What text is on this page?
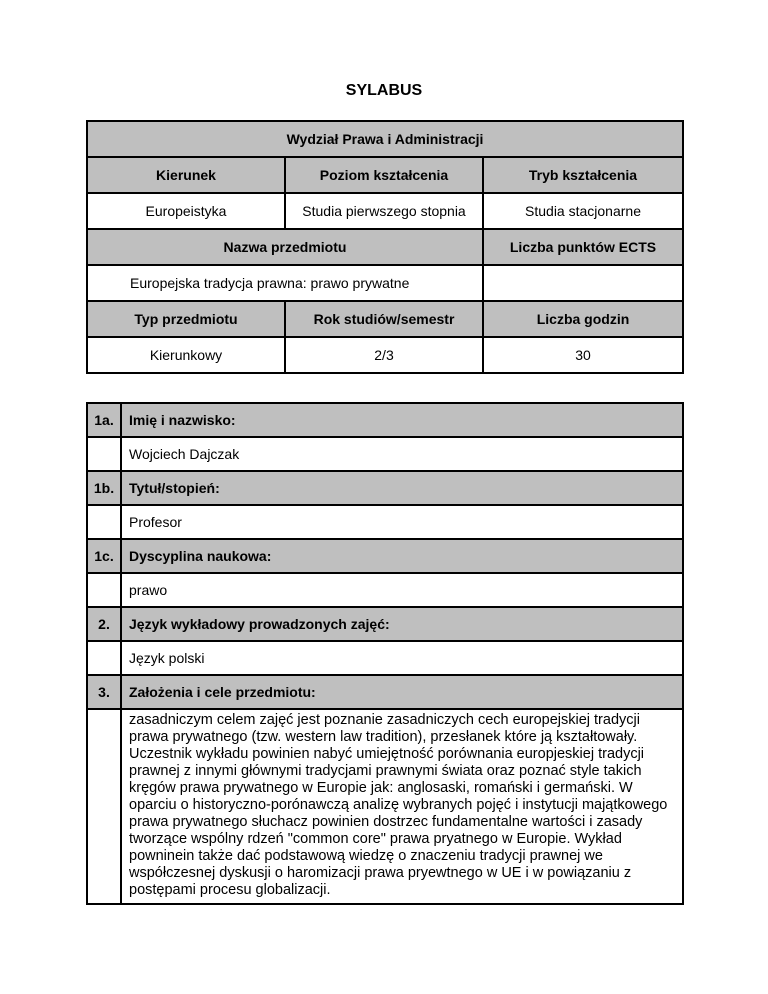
SYLABUS
Wydział Prawa i Administracji		
Kierunek	Poziom kształcenia	Tryb kształcenia
Europeistyka	Studia pierwszego stopnia	Studia stacjonarne
Nazwa przedmiotu		Liczba punktów ECTS
Europejska tradycja prawna: prawo prywatne		
Typ przedmiotu	Rok studiów/semestr	Liczba godzin
Kierunkowy	2/3	30
1a.	Imię i nazwisko:
	Wojciech Dajczak
1b.	Tytuł/stopień:
	Profesor
1c.	Dyscyplina naukowa:
	prawo
2.	Język wykładowy prowadzonych zajęć:
	Język polski
3.	Założenia i cele przedmiotu:
	zasadniczym celem zajęć jest poznanie zasadniczych cech europejskiej tradycji prawa prywatnego (tzw. western law tradition), przesłanek które ją kształtowały. Uczestnik wykładu powinien nabyć umiejętność porównania europjeskiej tradycji prawnej z innymi głównymi tradycjami prawnymi świata oraz poznać style takich kręgów prawa prywatnego w Europie jak: anglosaski, romański i germański. W oparciu o historyczno-porónawczą analizę wybranych pojęć i instytucji majątkowego prawa prywatnego słuchacz powinien dostrzec fundamentalne wartości i zasady tworzące wspólny rdzeń "common core" prawa pryatnego w Europie. Wykład powninein także dać podstawową wiedzę o znaczeniu tradycji prawnej we współczesnej dyskusji o haromizacji prawa pryewtnego w UE i w powiązaniu z postępami procesu globalizacji.
